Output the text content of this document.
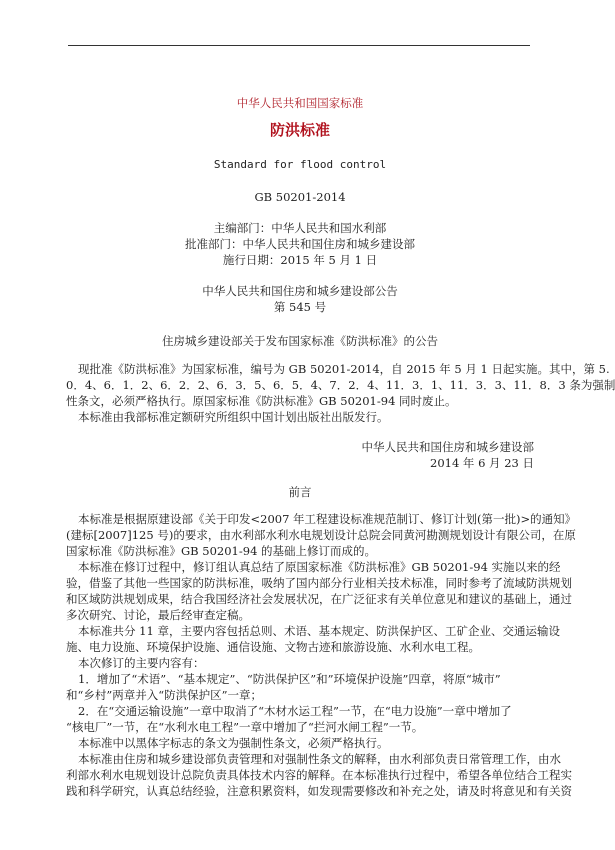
中华人民共和国国家标准
防洪标准
Standard for flood control
GB 50201-2014
主编部门：中华人民共和国水利部
批准部门：中华人民共和国住房和城乡建设部
施行日期：2015 年 5 月 1 日
中华人民共和国住房和城乡建设部公告
第 545 号
住房城乡建设部关于发布国家标准《防洪标准》的公告
现批准《防洪标准》为国家标准，编号为 GB 50201-2014，自 2015 年 5 月 1 日起实施。其中，第 5.
0．4、6．1．2、6．2．2、6．3．5、6．5．4、7．2．4、11．3．1、11．3．3、11．8．3 条为强制
性条文，必须严格执行。原国家标准《防洪标准》GB 50201-94 同时废止。
本标准由我部标准定额研究所组织中国计划出版社出版发行。
中华人民共和国住房和城乡建设部
2014 年 6 月 23 日
前言
本标准是根据原建设部《关于印发<2007 年工程建设标准规范制订、修订计划(第一批)>的通知》
(建标[2007]125 号)的要求，由水利部水利水电规划设计总院会同黄河勘测规划设计有限公司，在原
国家标准《防洪标准》GB 50201-94 的基础上修订而成的。
本标准在修订过程中，修订组认真总结了原国家标准《防洪标准》GB 50201-94 实施以来的经
验，借鉴了其他一些国家的防洪标准，吸纳了国内部分行业相关技术标准，同时参考了流域防洪规划
和区域防洪规划成果，结合我国经济社会发展状况，在广泛征求有关单位意见和建议的基础上，通过
多次研究、讨论，最后经审查定稿。
本标准共分 11 章，主要内容包括总则、术语、基本规定、防洪保护区、工矿企业、交通运输设
施、电力设施、环境保护设施、通信设施、文物古迹和旅游设施、水利水电工程。
本次修订的主要内容有：
1．增加了“术语”、“基本规定”、“防洪保护区”和”环境保护设施”四章，将原“城市”
和“乡村”两章并入“防洪保护区”一章；
2．在“交通运输设施”一章中取消了“木材水运工程”一节，在“电力设施”一章中增加了
“核电厂”一节，在“水利水电工程”一章中增加了“拦河水闸工程”一节。
本标准中以黑体字标志的条文为强制性条文，必须严格执行。
本标准由住房和城乡建设部负责管理和对强制性条文的解释，由水利部负责日常管理工作，由水
利部水利水电规划设计总院负责具体技术内容的解释。在本标准执行过程中，希望各单位结合工程实
践和科学研究，认真总结经验，注意积累资料，如发现需要修改和补充之处，请及时将意见和有关资
